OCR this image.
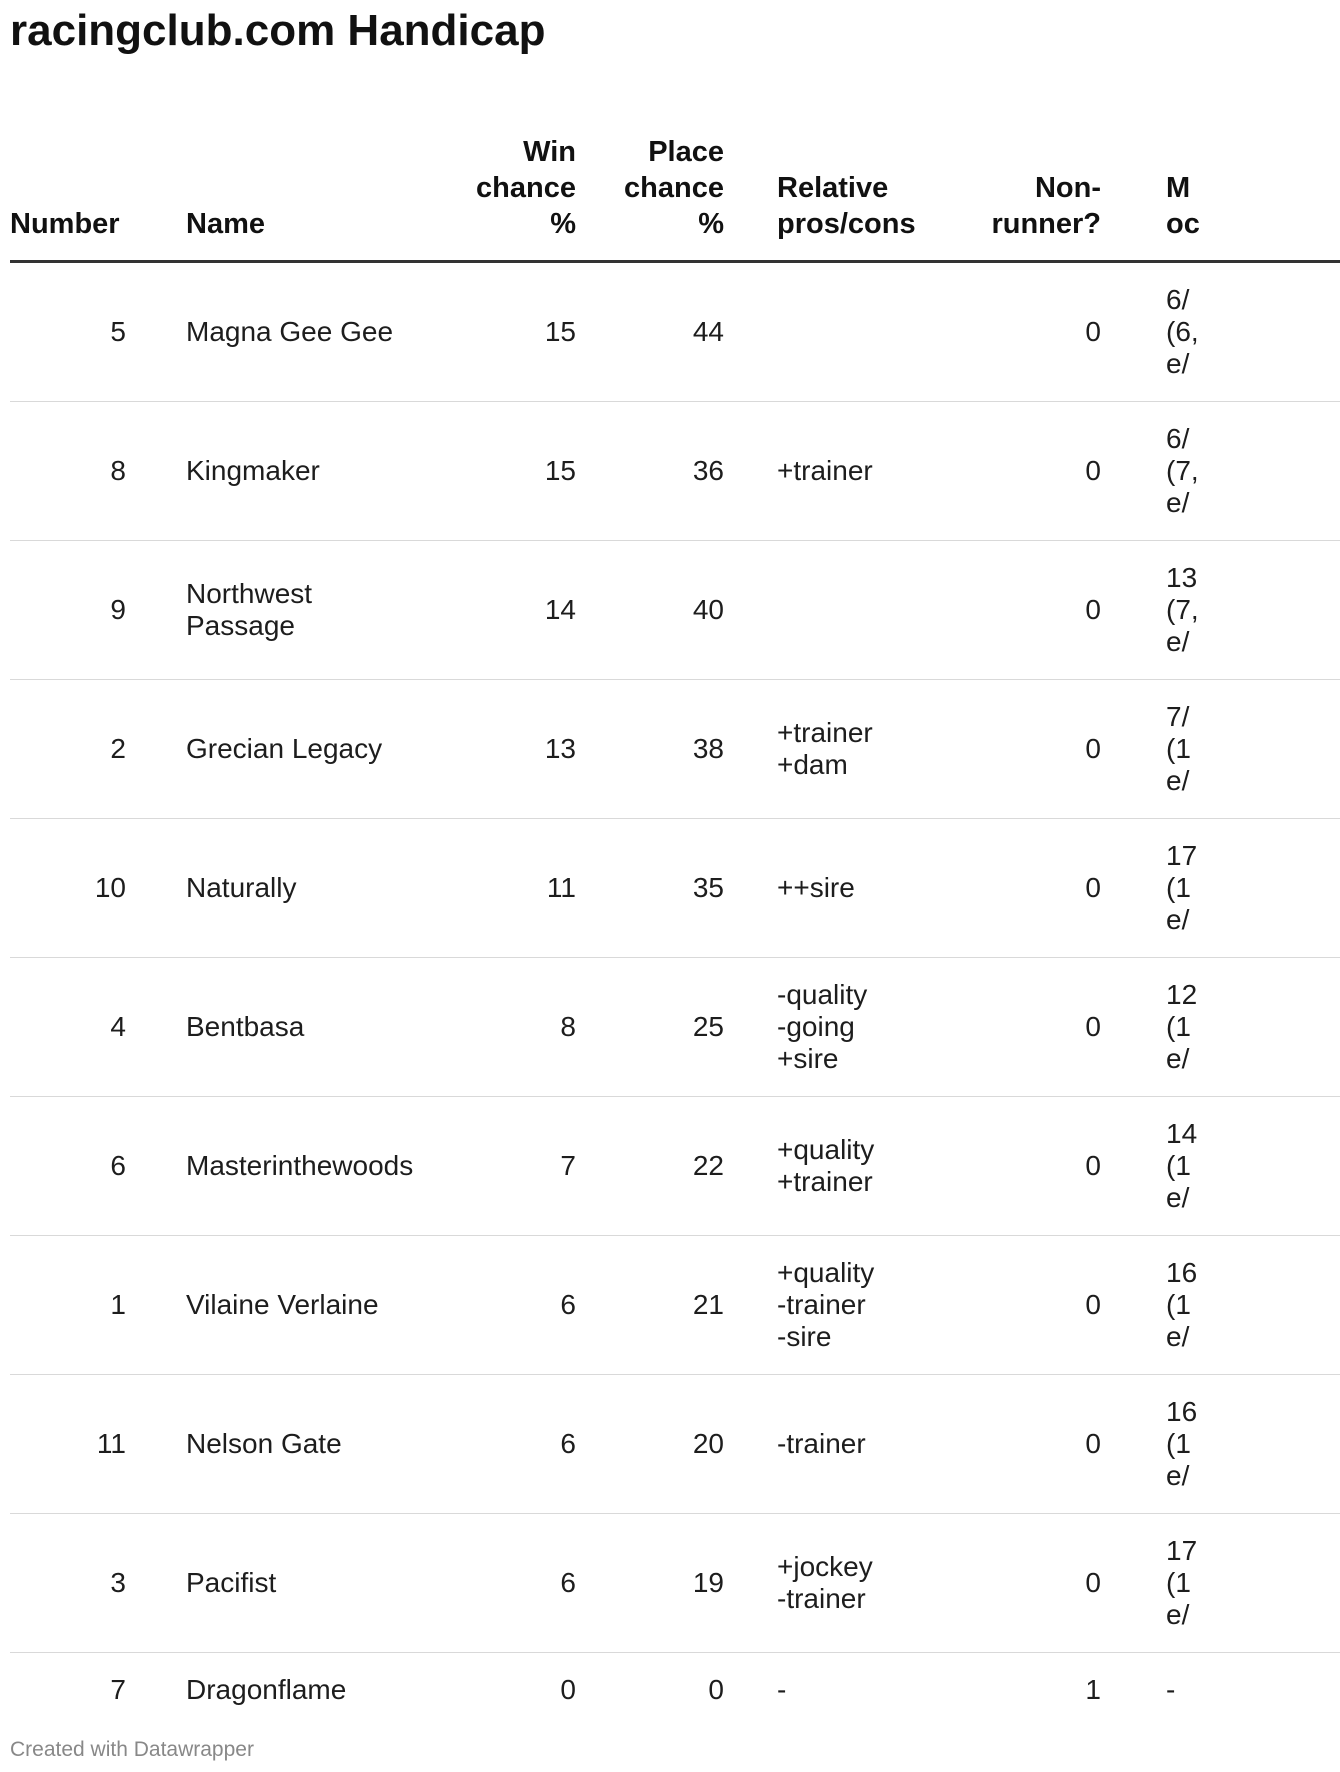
racingclub.com Handicap
Number	Name	Win
chance
%	Place
chance
%	Relative
pros/cons	Non-
runner?	M
oc
5	Magna Gee Gee	15	44		0	6/
(6,
e/
8	Kingmaker	15	36	+trainer	0	6/
(7,
e/
9	Northwest Passage	14	40		0	13
(7,
e/
2	Grecian Legacy	13	38	+trainer
+dam	0	7/
(1
e/
10	Naturally	11	35	++sire	0	17
(1
e/
4	Bentbasa	8	25	-quality
-going
+sire	0	12
(1
e/
6	Masterinthewoods	7	22	+quality
+trainer	0	14
(1
e/
1	Vilaine Verlaine	6	21	+quality
-trainer
-sire	0	16
(1
e/
11	Nelson Gate	6	20	-trainer	0	16
(1
e/
3	Pacifist	6	19	+jockey
-trainer	0	17
(1
e/
7	Dragonflame	0	0	-	1	-
Created with Datawrapper
